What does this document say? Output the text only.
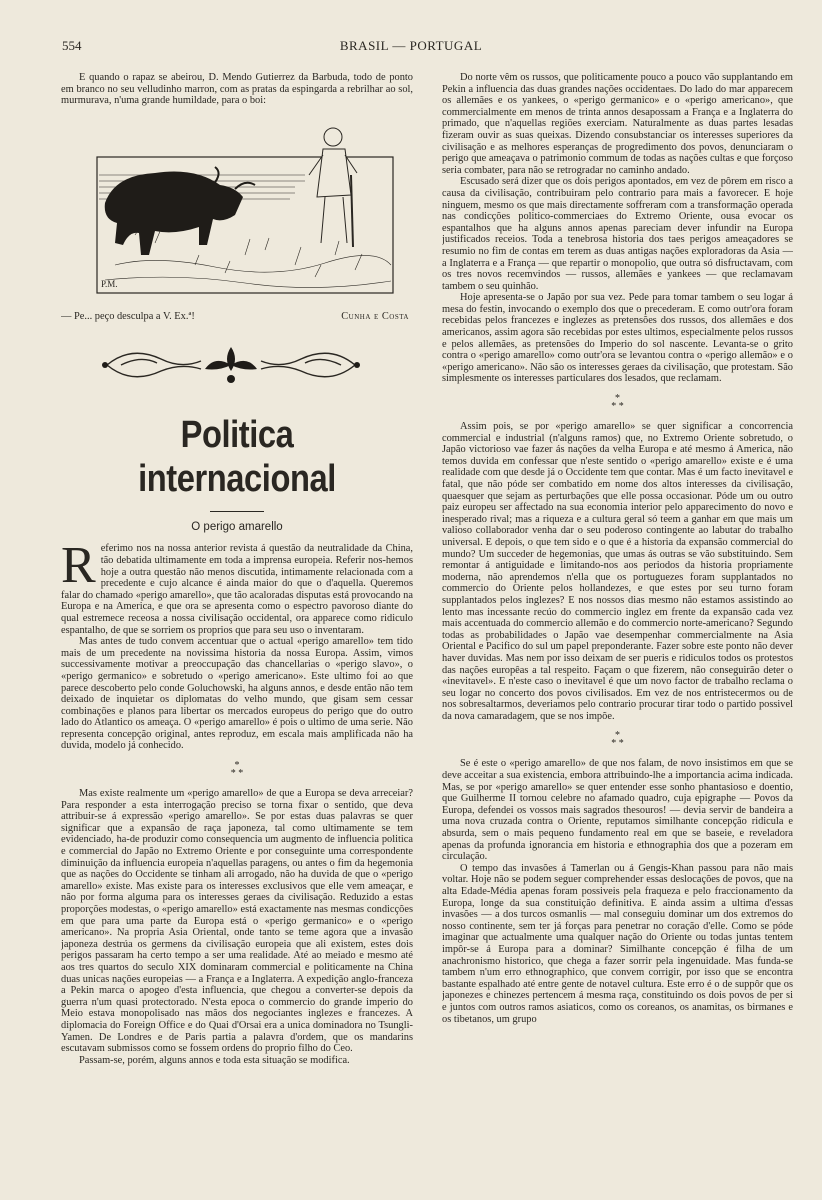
554	BRASIL — PORTUGAL

E quando o rapaz se abeirou, D. Mendo Gutierrez da Barbuda, todo de ponto em branco no seu velludinho marron, com as pratas da espingarda a rebrilhar ao sol, murmurava, n'uma grande humildade, para o boi:

P.M.
— Pe... peço desculpa a V. Ex.ª!	Cunha e Costa
Politica internacional
O perigo amarello
R eferimo nos na nossa anterior revista á questão da neutralidade da China, tão debatida ultimamente em toda a imprensa europeia. Referir nos-hemos hoje a outra questão não menos discutida, intimamente relacionada com a precedente e cujo alcance é ainda maior do que o d'aquella. Queremos falar do chamado «perigo amarello», que tão acaloradas disputas está provocando na Europa e na America, e que ora se apresenta como o espectro pavoroso diante do qual estremece receosa a nossa civilisação occidental, ora apparece como ridiculo espantalho, de que se sorriem os proprios que para seu uso o inventaram.

Mas antes de tudo convem accentuar que o actual «perigo amarello» tem tido mais de um precedente na novissima historia da nossa Europa. Assim, vimos successivamente motivar a preoccupação das chancellarias o «perigo slavo», o «perigo germanico» e sobretudo o «perigo americano». Este ultimo foi ao que parece descoberto pelo conde Goluchowski, ha alguns annos, e desde então não tem deixado de inquietar os diplomatas do velho mundo, que gisam sem cessar combinações e planos para libertar os mercados europeus do perigo que do outro lado do Atlantico os ameaça. O «perigo amarello» é pois o ultimo de uma serie. Não representa concepção original, antes reproduz, em escala mais amplificada não ha duvida, modelo já conhecido.

*
* *

Mas existe realmente um «perigo amarello» de que a Europa se deva arreceiar? Para responder a esta interrogação preciso se torna fixar o sentido, que deva attribuir-se á expressão «perigo amarello». Se por estas duas palavras se quer significar que a expansão de raça japoneza, tal como ultimamente se tem evidenciado, ha-de produzir como consequencia um augmento de influencia politica e commercial do Japão no Extremo Oriente e por conseguinte uma correspondente diminuição da influencia europeia n'aquellas paragens, ou antes o fim da hegemonia que as nações do Occidente se tinham ali arrogado, não ha duvida de que o «perigo amarello» existe. Mas existe para os interesses exclusivos que elle vem ameaçar, e não por forma alguma para os interesses geraes da civilisação. Reduzido a estas proporções modestas, o «perigo amarello» está exactamente nas mesmas condicções em que para uma parte da Europa está o «perigo germanico» e o «perigo americano». Na propria Asia Oriental, onde tanto se teme agora que a invasão japoneza destrúa os germens da civilisação europeia que ali existem, estes dois perigos passaram ha certo tempo a ser uma realidade. Até ao meiado e mesmo até aos tres quartos do seculo XIX dominaram commercial e politicamente na China duas unicas nações europeias — a França e a Inglaterra. A expedição anglo-franceza a Pekin marca o apogeo d'esta influencia, que chegou a converter-se depois da guerra n'um quasi protectorado. N'esta epoca o commercio do grande imperio do Meio estava monopolisado nas mãos dos negociantes inglezes e francezes. A diplomacia do Foreign Office e do Quai d'Orsai era a unica dominadora no Tsungli-Yamen. De Londres e de Paris partia a palavra d'ordem, que os mandarins escutavam submissos como se fossem ordens do proprio filho do Ceo.

Passam-se, porém, alguns annos e toda esta situação se modifica.

Do norte vêm os russos, que politicamente pouco a pouco vão supplantando em Pekin a influencia das duas grandes nações occidentaes. Do lado do mar apparecem os allemães e os yankees, o «perigo germanico» e o «perigo americano», que commercialmente em menos de trinta annos desapossam a França e a Inglaterra do primado, que n'aquellas regiões exerciam. Naturalmente as duas partes lesadas fizeram ouvir as suas queixas. Dizendo consubstanciar os interesses superiores da civilisação e as melhores esperanças de progredimento dos povos, denunciaram o perigo que ameaçava o patrimonio commum de todas as nações cultas e que forçoso seria combater, para não se retrogradar no caminho andado.

Escusado será dizer que os dois perigos apontados, em vez de pôrem em risco a causa da civilisação, contribuiram pelo contrario para mais a favorecer. E hoje ninguem, mesmo os que mais directamente soffreram com a transformação operada nas condicções politico-commerciaes do Extremo Oriente, ousa evocar os espantalhos que ha alguns annos apenas pareciam dever infundir na Europa justificados receios. Toda a tenebrosa historia dos taes perigos ameaçadores se resumio no fim de contas em terem as duas antigas nações exploradoras da Asia — a Inglaterra e a França — que repartir o monopolio, que outra só disfructavam, com os tres novos recemvindos — russos, allemães e yankees — que reclamavam tambem o seu quinhão.

Hoje apresenta-se o Japão por sua vez. Pede para tomar tambem o seu logar á mesa do festin, invocando o exemplo dos que o precederam. E como outr'ora foram recebidas pelos francezes e inglezes as pretensões dos russos, dos allemães e dos americanos, assim agora são recebidas por estes ultimos, especialmente pelos russos e pelos allemães, as pretensões do Imperio do sol nascente. Levanta-se o grito contra o «perigo amarello» como outr'ora se levantou contra o «perigo allemão» e o «perigo americano». Não são os interesses geraes da civilisação, que protestam. São simplesmente os interesses particulares dos lesados, que reclamam.

*
* *

Assim pois, se por «perigo amarello» se quer significar a concorrencia commercial e industrial (n'alguns ramos) que, no Extremo Oriente sobretudo, o Japão victorioso vae fazer ás nações da velha Europa e até mesmo á America, não temos duvida em confessar que n'este sentido o «perigo amarello» existe e é uma realidade com que desde já o Occidente tem que contar. Mas é um facto inevitavel e fatal, que não póde ser combatido em nome dos altos interesses da civilisação, quaesquer que sejam as perturbações que elle possa occasionar. Póde um ou outro paiz europeu ser affectado na sua economia interior pelo apparecimento do novo e inesperado rival; mas a riqueza e a cultura geral só teem a ganhar em que mais um valioso collaborador venha dar o seu poderoso contingente ao labutar do trabalho universal. E depois, o que tem sido e o que é a historia da expansão commercial do mundo? Um succeder de hegemonias, que umas ás outras se vão substituindo. Sem remontar á antiguidade e limitando-nos aos periodos da historia propriamente moderna, não aprendemos n'ella que os portuguezes foram supplantados no commercio do Oriente pelos hollandezes, e que estes por seu turno foram supplantados pelos inglezes? E nos nossos dias mesmo não estamos assistindo ao lento mas incessante recúo do commercio inglez em frente da expansão cada vez mais accentuada do commercio allemão e do commercio norte-americano? Segundo todas as probabilidades o Japão vae desempenhar commercialmente na Asia Oriental e Pacifico do sul um papel preponderante. Fazer sobre este ponto não dever haver duvidas. Mas nem por isso deixam de ser pueris e ridiculos todos os protestos das nações europêas a tal respeito. Façam o que fizerem, não conseguirão deter o «inevitavel». E n'este caso o inevitavel é que um novo factor de trabalho reclama o seu logar no concerto dos povos civilisados. Em vez de nos entristecermos ou de nos sobresaltarmos, deveriamos pelo contrario procurar tirar todo o partido possivel da nova camaradagem, que se nos impõe.

*
* *

Se é este o «perigo amarello» de que nos falam, de novo insistimos em que se deve acceitar a sua existencia, embora attribuindo-lhe a importancia acima indicada. Mas, se por «perigo amarello» se quer entender esse sonho phantasioso e doentio, que Guilherme II tornou celebre no afamado quadro, cuja epigraphe — Povos da Europa, defendei os vossos mais sagrados thesouros! — devia servir de bandeira a uma nova cruzada contra o Oriente, reputamos similhante concepção ridicula e absurda, sem o mais pequeno fundamento real em que se baseie, e reveladora apenas da profunda ignorancia em historia e ethnographia dos que a pozeram em circulação.

O tempo das invasões á Tamerlan ou á Gengis-Khan passou para não mais voltar. Hoje não se podem seguer comprehender essas deslocações de povos, que na alta Edade-Média apenas foram possiveis pela fraqueza e pelo fraccionamento da Europa, longe da sua constituição definitiva. E ainda assim a ultima d'essas invasões — a dos turcos osmanlis — mal conseguiu dominar um dos extremos do nosso continente, sem ter já forças para penetrar no coração d'elle. Como se póde imaginar que actualmente uma qualquer nação do Oriente ou todas juntas tentem impôr-se á Europa para a dominar? Similhante concepção é filha de um anachronismo historico, que chega a fazer sorrir pela ingenuidade. Mas funda-se tambem n'um erro ethnographico, que convem corrigir, por isso que se encontra bastante espalhado até entre gente de notavel cultura. Este erro é o de suppôr que os japonezes e chinezes pertencem á mesma raça, constituindo os dois povos de per si e juntos com outros ramos asiaticos, como os coreanos, os anamitas, os birmanes e os tibetanos, um grupo
